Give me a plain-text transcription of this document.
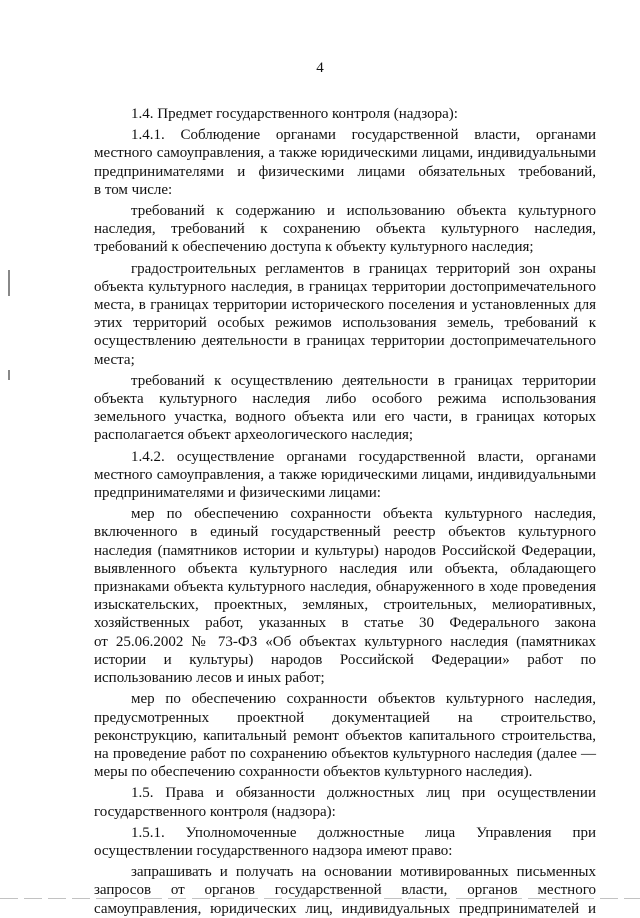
4
1.4. Предмет государственного контроля (надзора):
1.4.1. Соблюдение органами государственной власти, органами
местного самоуправления, а также юридическими лицами, индивидуальными
предпринимателями и физическими лицами обязательных требований,
в том числе:
требований к содержанию и использованию объекта культурного
наследия, требований к сохранению объекта культурного наследия,
требований к обеспечению доступа к объекту культурного наследия;
градостроительных регламентов в границах территорий зон охраны
объекта культурного наследия, в границах территории достопримечательного
места, в границах территории исторического поселения и установленных для
этих территорий особых режимов использования земель, требований к
осуществлению деятельности в границах территории достопримечательного
места;
требований к осуществлению деятельности в границах территории
объекта культурного наследия либо особого режима использования
земельного участка, водного объекта или его части, в границах которых
располагается объект археологического наследия;
1.4.2. осуществление органами государственной власти, органами
местного самоуправления, а также юридическими лицами, индивидуальными
предпринимателями и физическими лицами:
мер по обеспечению сохранности объекта культурного наследия,
включенного в единый государственный реестр объектов культурного
наследия (памятников истории и культуры) народов Российской Федерации,
выявленного объекта культурного наследия или объекта, обладающего
признаками объекта культурного наследия, обнаруженного в ходе проведения
изыскательских, проектных, земляных, строительных, мелиоративных,
хозяйственных работ, указанных в статье 30 Федерального закона
от 25.06.2002 № 73-ФЗ «Об объектах культурного наследия (памятниках
истории и культуры) народов Российской Федерации» работ по
использованию лесов и иных работ;
мер по обеспечению сохранности объектов культурного наследия,
предусмотренных проектной документацией на строительство,
реконструкцию, капитальный ремонт объектов капитального строительства,
на проведение работ по сохранению объектов культурного наследия (далее —
меры по обеспечению сохранности объектов культурного наследия).
1.5. Права и обязанности должностных лиц при осуществлении
государственного контроля (надзора):
1.5.1. Уполномоченные должностные лица Управления при
осуществлении государственного надзора имеют право:
запрашивать и получать на основании мотивированных письменных
запросов от органов государственной власти, органов местного
самоуправления, юридических лиц, индивидуальных предпринимателей и
